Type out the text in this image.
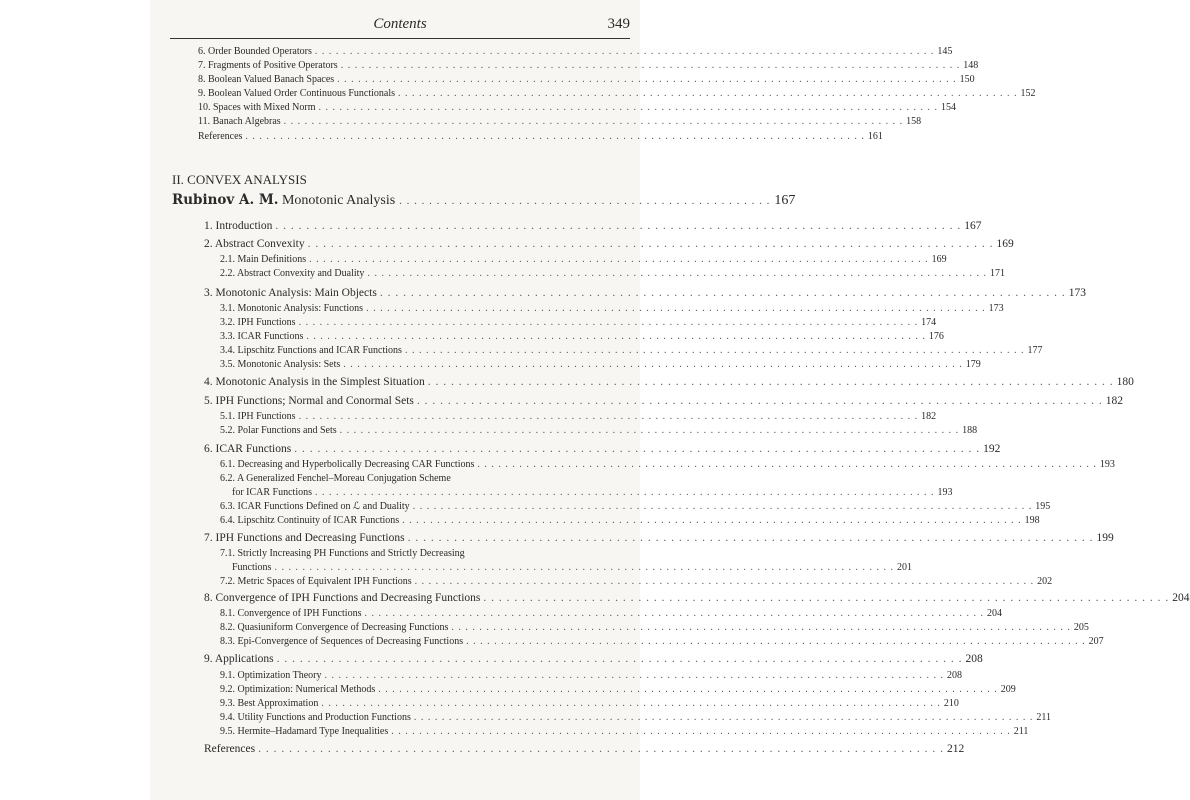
Contents	349
6. Order Bounded Operators . . .	145
7. Fragments of Positive Operators . . .	148
8. Boolean Valued Banach Spaces . . .	150
9. Boolean Valued Order Continuous Functionals . . .	152
10. Spaces with Mixed Norm . . .	154
11. Banach Algebras . . .	158
References . . .	161
II. CONVEX ANALYSIS
Rubinov A. M.
Monotonic Analysis . . . . . . . . . . . . . . . . . . . . . . . . . . . . . . . . . . . . . . . . . . . . . . . . . . 167
1. Introduction . . .	167
2. Abstract Convexity . . .	169
2.1. Main Definitions . . .	169
2.2. Abstract Convexity and Duality . . .	171
3. Monotonic Analysis: Main Objects . . .	173
3.1. Monotonic Analysis: Functions . . .	173
3.2. IPH Functions . . .	174
3.3. ICAR Functions . . .	176
3.4. Lipschitz Functions and ICAR Functions . . .	177
3.5. Monotonic Analysis: Sets . . .	179
4. Monotonic Analysis in the Simplest Situation . . .	180
5. IPH Functions; Normal and Conormal Sets . . .	182
5.1. IPH Functions . . .	182
5.2. Polar Functions and Sets . . .	188
6. ICAR Functions . . .	192
6.1. Decreasing and Hyperbolically Decreasing CAR Functions . . .	193
6.2. A Generalized Fenchel–Moreau Conjugation Scheme
for ICAR Functions . . .	193
6.3. ICAR Functions Defined on ℒ and Duality . . .	195
6.4. Lipschitz Continuity of ICAR Functions . . .	198
7. IPH Functions and Decreasing Functions . . .	199
7.1. Strictly Increasing PH Functions and Strictly Decreasing
Functions . . .	201
7.2. Metric Spaces of Equivalent IPH Functions . . .	202
8. Convergence of IPH Functions and Decreasing Functions . . .	204
8.1. Convergence of IPH Functions . . .	204
8.2. Quasiuniform Convergence of Decreasing Functions . . .	205
8.3. Epi-Convergence of Sequences of Decreasing Functions . . .	207
9. Applications . . .	208
9.1. Optimization Theory . . .	208
9.2. Optimization: Numerical Methods . . .	209
9.3. Best Approximation . . .	210
9.4. Utility Functions and Production Functions . . .	211
9.5. Hermite–Hadamard Type Inequalities . . .	211
References . . .	212
